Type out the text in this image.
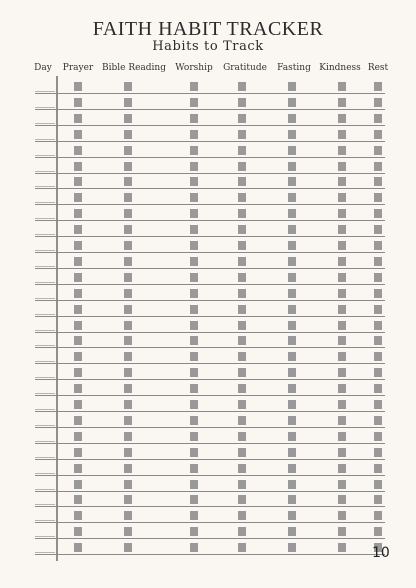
FAITH HABIT TRACKER
Habits to Track
Day Prayer Bible Reading Worship Gratitude Fasting Kindness Rest
10
